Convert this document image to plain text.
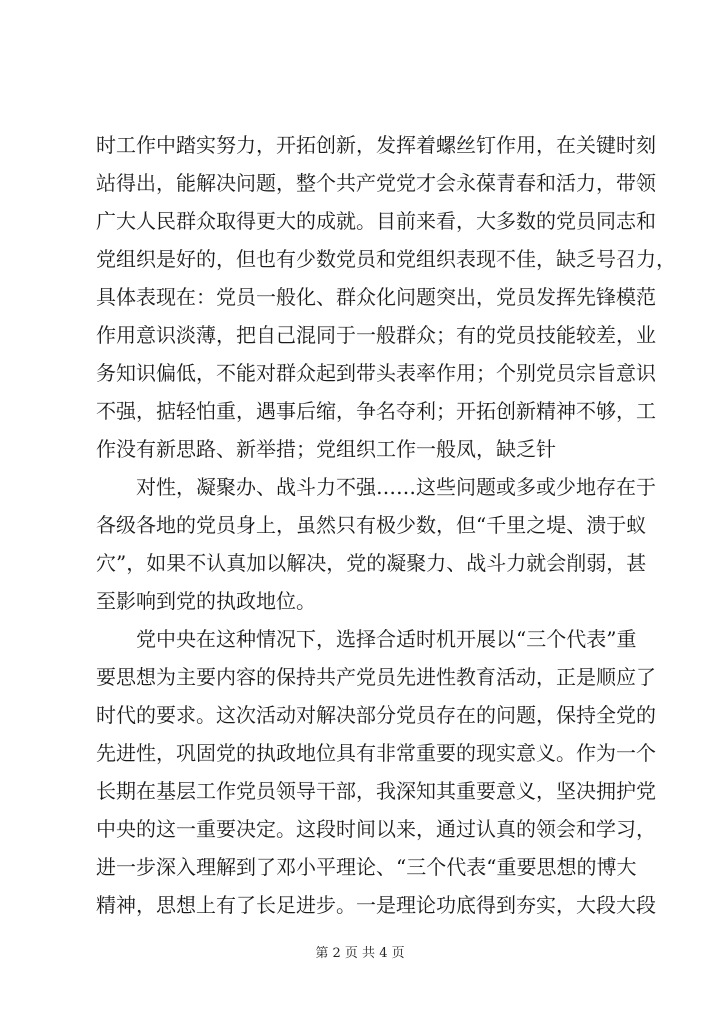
时工作中踏实努力，开拓创新，发挥着螺丝钉作用，在关键时刻
站得出，能解决问题，整个共产党党才会永葆青春和活力，带领
广大人民群众取得更大的成就。目前来看，大多数的党员同志和
党组织是好的，但也有少数党员和党组织表现不佳，缺乏号召力，
具体表现在：党员一般化、群众化问题突出，党员发挥先锋模范
作用意识淡薄，把自己混同于一般群众；有的党员技能较差，业
务知识偏低，不能对群众起到带头表率作用；个别党员宗旨意识
不强，掂轻怕重，遇事后缩，争名夺利；开拓创新精神不够，工
作没有新思路、新举措；党组织工作一般凤，缺乏针
对性，凝聚办、战斗力不强……这些问题或多或少地存在于
各级各地的党员身上，虽然只有极少数，但“千里之堤、溃于蚁
穴”，如果不认真加以解决，党的凝聚力、战斗力就会削弱，甚
至影响到党的执政地位。
党中央在这种情况下，选择合适时机开展以“三个代表”重
要思想为主要内容的保持共产党员先进性教育活动，正是顺应了
时代的要求。这次活动对解决部分党员存在的问题，保持全党的
先进性，巩固党的执政地位具有非常重要的现实意义。作为一个
长期在基层工作党员领导干部，我深知其重要意义，坚决拥护党
中央的这一重要决定。这段时间以来，通过认真的领会和学习，
进一步深入理解到了邓小平理论、“三个代表“重要思想的博大
精神，思想上有了长足进步。一是理论功底得到夯实，大段大段
第 2 页 共 4 页
